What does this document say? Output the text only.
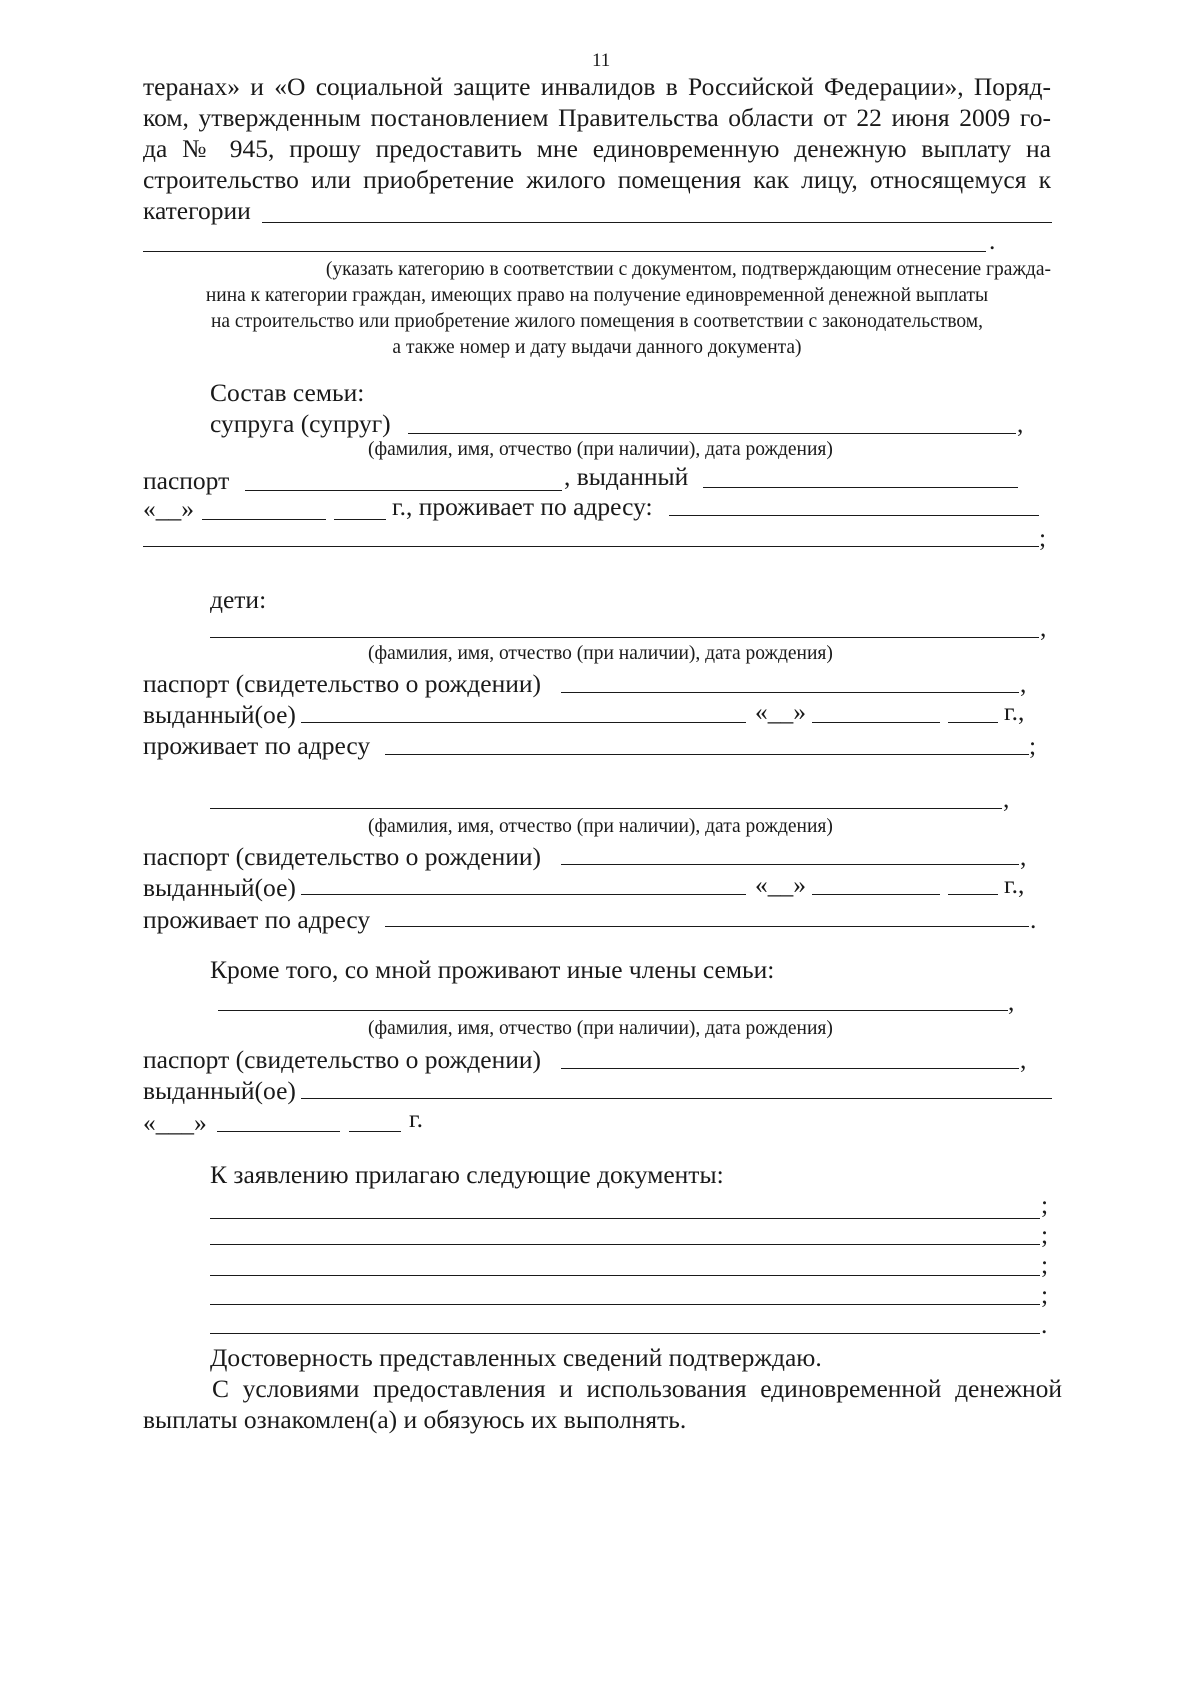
11
теранах» и «О социальной защите инвалидов в Российской Федерации», Поряд-
ком, утвержденным постановлением Правительства области от 22 июня 2009 го-
да № 945, прошу предоставить мне единовременную денежную выплату на
строительство или приобретение жилого помещения как лицу, относящемуся к
категории
.
(указать категорию в соответствии с документом, подтверждающим отнесение гражда-
нина к категории граждан, имеющих право на получение единовременной денежной выплаты
на строительство или приобретение жилого помещения в соответствии с законодательством,
а также номер и дату выдачи данного документа)
Состав семьи:
супруга (супруг)	,
(фамилия, имя, отчество (при наличии), дата рождения)
паспорт	, выданный
«__»	г., проживает по адресу:
;
дети:
,
(фамилия, имя, отчество (при наличии), дата рождения)
паспорт (свидетельство о рождении)	,
выданный(ое)	«__»	г.,
проживает по адресу	;
,
(фамилия, имя, отчество (при наличии), дата рождения)
паспорт (свидетельство о рождении)	,
выданный(ое)	«__»	г.,
проживает по адресу	.
Кроме того, со мной проживают иные члены семьи:
,
(фамилия, имя, отчество (при наличии), дата рождения)
паспорт (свидетельство о рождении)	,
выданный(ое)
«___»	г.
К заявлению прилагаю следующие документы:
;
;
;
;
.
Достоверность представленных сведений подтверждаю.
С условиями предоставления и использования единовременной денежной
выплаты ознакомлен(а) и обязуюсь их выполнять.
